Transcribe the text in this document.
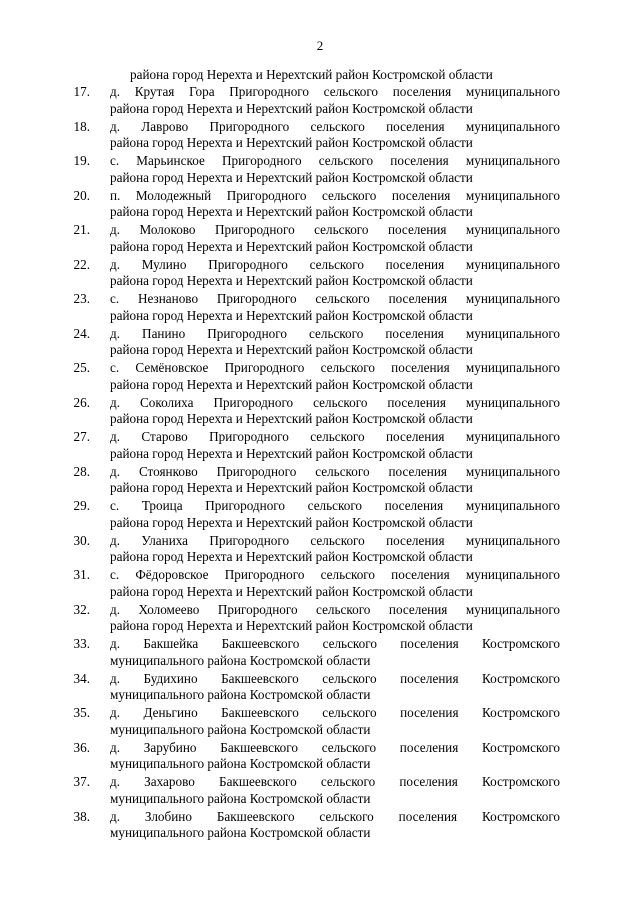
2
района город Нерехта и Нерехтский район Костромской области
17.	д. Крутая Гора Пригородного сельского поселения муниципального
района город Нерехта и Нерехтский район Костромской области
18.	д. Лаврово Пригородного сельского поселения муниципального
района город Нерехта и Нерехтский район Костромской области
19.	с. Марьинское Пригородного сельского поселения муниципального
района город Нерехта и Нерехтский район Костромской области
20.	п. Молодежный Пригородного сельского поселения муниципального
района город Нерехта и Нерехтский район Костромской области
21.	д. Молоково Пригородного сельского поселения муниципального
района город Нерехта и Нерехтский район Костромской области
22.	д. Мулино Пригородного сельского поселения муниципального
района город Нерехта и Нерехтский район Костромской области
23.	с. Незнаново Пригородного сельского поселения муниципального
района город Нерехта и Нерехтский район Костромской области
24.	д. Панино Пригородного сельского поселения муниципального
района город Нерехта и Нерехтский район Костромской области
25.	с. Семёновское Пригородного сельского поселения муниципального
района город Нерехта и Нерехтский район Костромской области
26.	д. Соколиха Пригородного сельского поселения муниципального
района город Нерехта и Нерехтский район Костромской области
27.	д. Старово Пригородного сельского поселения муниципального
района город Нерехта и Нерехтский район Костромской области
28.	д. Стоянково Пригородного сельского поселения муниципального
района город Нерехта и Нерехтский район Костромской области
29.	с. Троица Пригородного сельского поселения муниципального
района город Нерехта и Нерехтский район Костромской области
30.	д. Уланиха Пригородного сельского поселения муниципального
района город Нерехта и Нерехтский район Костромской области
31.	с. Фёдоровское Пригородного сельского поселения муниципального
района город Нерехта и Нерехтский район Костромской области
32.	д. Холомеево Пригородного сельского поселения муниципального
района город Нерехта и Нерехтский район Костромской области
33.	д. Бакшейка Бакшеевского сельского поселения Костромского
муниципального района Костромской области
34.	д. Будихино Бакшеевского сельского поселения Костромского
муниципального района Костромской области
35.	д. Деньгино Бакшеевского сельского поселения Костромского
муниципального района Костромской области
36.	д. Зарубино Бакшеевского сельского поселения Костромского
муниципального района Костромской области
37.	д. Захарово Бакшеевского сельского поселения Костромского
муниципального района Костромской области
38.	д. Злобино Бакшеевского сельского поселения Костромского
муниципального района Костромской области
